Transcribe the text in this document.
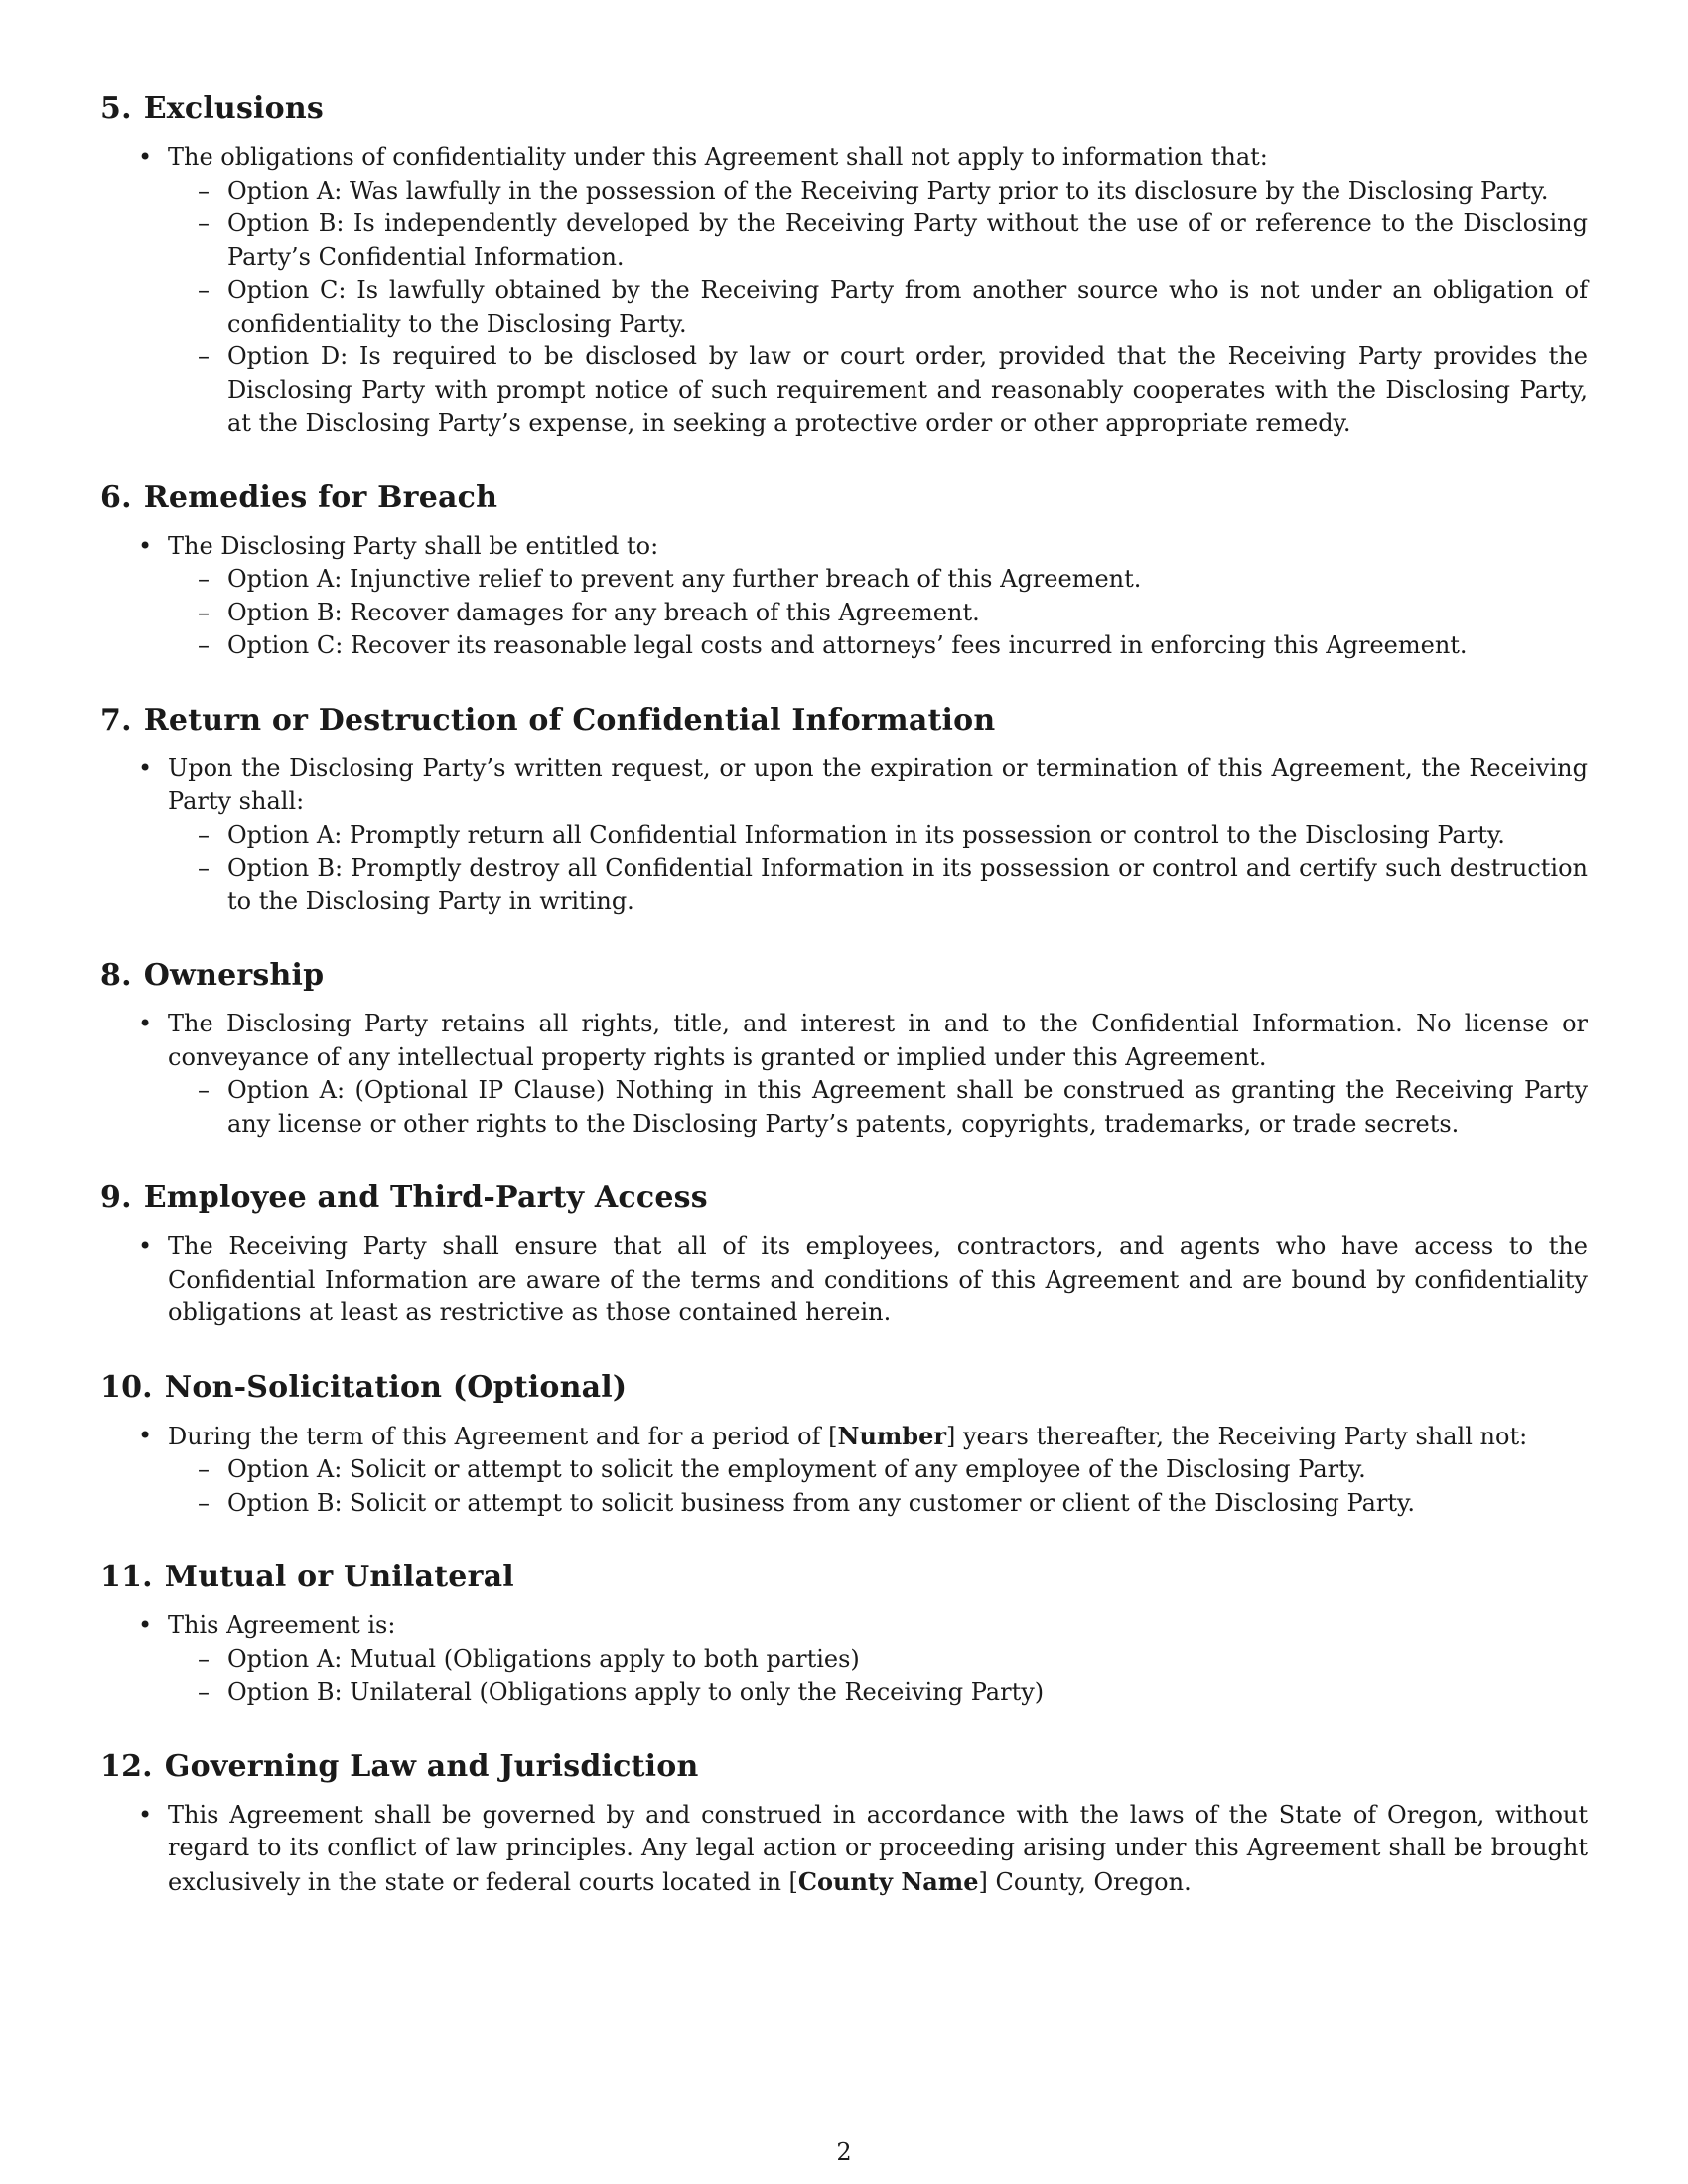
5. Exclusions
• The obligations of confidentiality under this Agreement shall not apply to information that:
– Option A: Was lawfully in the possession of the Receiving Party prior to its disclosure by the Disclosing Party.
– Option B: Is independently developed by the Receiving Party without the use of or reference to the Disclosing Party’s Confidential Information.
– Option C: Is lawfully obtained by the Receiving Party from another source who is not under an obligation of confidentiality to the Disclosing Party.
– Option D: Is required to be disclosed by law or court order, provided that the Receiving Party provides the Disclosing Party with prompt notice of such requirement and reasonably cooperates with the Disclosing Party, at the Disclosing Party’s expense, in seeking a protective order or other appropriate remedy.
6. Remedies for Breach
• The Disclosing Party shall be entitled to:
– Option A: Injunctive relief to prevent any further breach of this Agreement.
– Option B: Recover damages for any breach of this Agreement.
– Option C: Recover its reasonable legal costs and attorneys’ fees incurred in enforcing this Agreement.
7. Return or Destruction of Confidential Information
• Upon the Disclosing Party’s written request, or upon the expiration or termination of this Agreement, the Receiving Party shall:
– Option A: Promptly return all Confidential Information in its possession or control to the Disclosing Party.
– Option B: Promptly destroy all Confidential Information in its possession or control and certify such destruction to the Disclosing Party in writing.
8. Ownership
• The Disclosing Party retains all rights, title, and interest in and to the Confidential Information. No license or conveyance of any intellectual property rights is granted or implied under this Agreement.
– Option A: (Optional IP Clause) Nothing in this Agreement shall be construed as granting the Receiving Party any license or other rights to the Disclosing Party’s patents, copyrights, trademarks, or trade secrets.
9. Employee and Third-Party Access
• The Receiving Party shall ensure that all of its employees, contractors, and agents who have access to the Confidential Information are aware of the terms and conditions of this Agreement and are bound by confidentiality obligations at least as restrictive as those contained herein.
10. Non-Solicitation (Optional)
• During the term of this Agreement and for a period of [Number] years thereafter, the Receiving Party shall not:
– Option A: Solicit or attempt to solicit the employment of any employee of the Disclosing Party.
– Option B: Solicit or attempt to solicit business from any customer or client of the Disclosing Party.
11. Mutual or Unilateral
• This Agreement is:
– Option A: Mutual (Obligations apply to both parties)
– Option B: Unilateral (Obligations apply to only the Receiving Party)
12. Governing Law and Jurisdiction
• This Agreement shall be governed by and construed in accordance with the laws of the State of Oregon, without regard to its conflict of law principles. Any legal action or proceeding arising under this Agreement shall be brought exclusively in the state or federal courts located in [County Name] County, Oregon.
2
